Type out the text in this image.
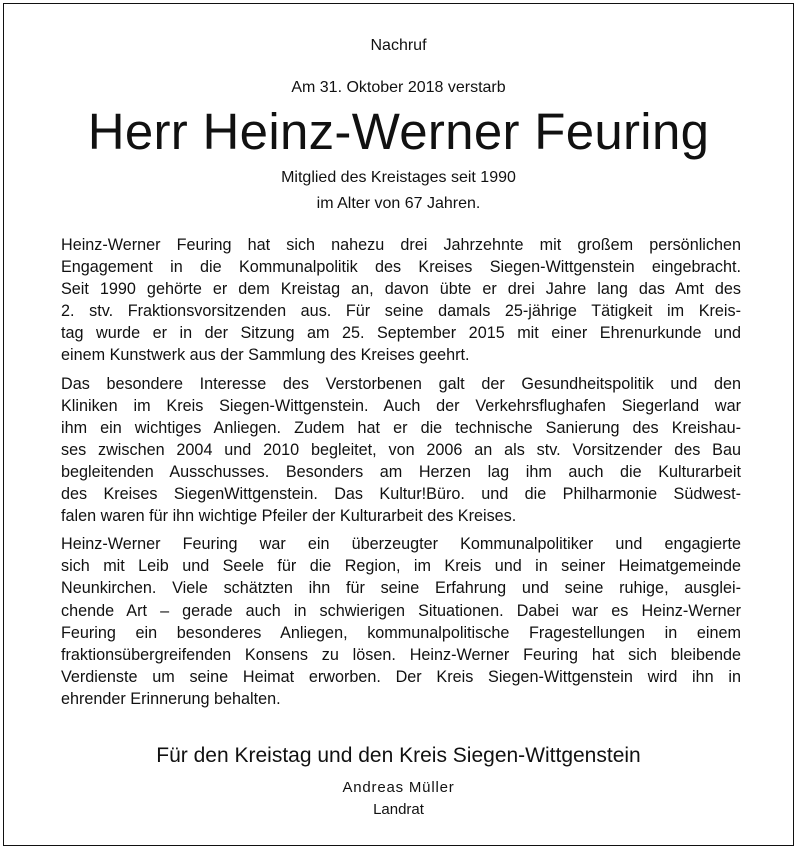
Nachruf
Am 31. Oktober 2018 verstarb
Herr Heinz-Werner Feuring
Mitglied des Kreistages seit 1990
im Alter von 67 Jahren.

Heinz-Werner Feuring hat sich nahezu drei Jahrzehnte mit großem persönlichen
Engagement in die Kommunalpolitik des Kreises Siegen-Wittgenstein eingebracht.
Seit 1990 gehörte er dem Kreistag an, davon übte er drei Jahre lang das Amt des
2. stv. Fraktionsvorsitzenden aus. Für seine damals 25-jährige Tätigkeit im Kreis-
tag wurde er in der Sitzung am 25. September 2015 mit einer Ehrenurkunde und
einem Kunstwerk aus der Sammlung des Kreises geehrt.

Das besondere Interesse des Verstorbenen galt der Gesundheitspolitik und den
Kliniken im Kreis Siegen-Wittgenstein. Auch der Verkehrsflughafen Siegerland war
ihm ein wichtiges Anliegen. Zudem hat er die technische Sanierung des Kreishau-
ses zwischen 2004 und 2010 begleitet, von 2006 an als stv. Vorsitzender des Bau
begleitenden Ausschusses. Besonders am Herzen lag ihm auch die Kulturarbeit
des Kreises SiegenWittgenstein. Das Kultur!Büro. und die Philharmonie Südwest-
falen waren für ihn wichtige Pfeiler der Kulturarbeit des Kreises.

Heinz-Werner Feuring war ein überzeugter Kommunalpolitiker und engagierte
sich mit Leib und Seele für die Region, im Kreis und in seiner Heimatgemeinde
Neunkirchen. Viele schätzten ihn für seine Erfahrung und seine ruhige, ausglei-
chende Art – gerade auch in schwierigen Situationen. Dabei war es Heinz-Werner
Feuring ein besonderes Anliegen, kommunalpolitische Fragestellungen in einem
fraktionsübergreifenden Konsens zu lösen. Heinz-Werner Feuring hat sich bleibende
Verdienste um seine Heimat erworben. Der Kreis Siegen-Wittgenstein wird ihn in
ehrender Erinnerung behalten.

Für den Kreistag und den Kreis Siegen-Wittgenstein
Andreas Müller
Landrat
